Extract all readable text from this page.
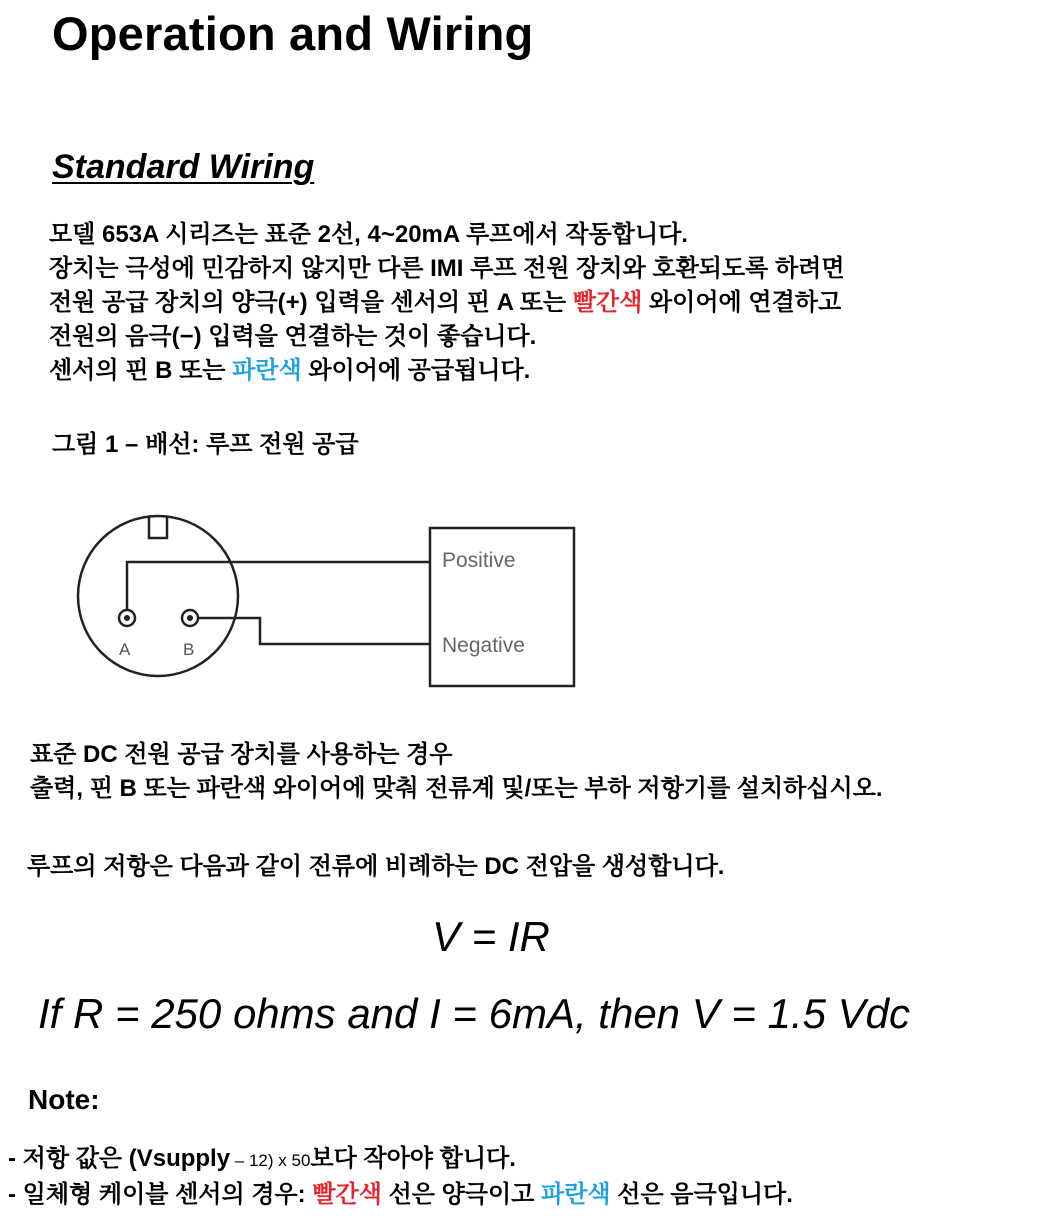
Operation and Wiring
Standard Wiring
모델 653A 시리즈는 표준 2선, 4~20mA 루프에서 작동합니다.
장치는 극성에 민감하지 않지만 다른 IMI 루프 전원 장치와 호환되도록 하려면
전원 공급 장치의 양극(+) 입력을 센서의 핀 A 또는 빨간색 와이어에 연결하고
전원의 음극(−) 입력을 연결하는 것이 좋습니다.
센서의 핀 B 또는 파란색 와이어에 공급됩니다.
그림 1 – 배선: 루프 전원 공급
A	B
Positive
Negative
표준 DC 전원 공급 장치를 사용하는 경우
출력, 핀 B 또는 파란색 와이어에 맞춰 전류계 및/또는 부하 저항기를 설치하십시오.
루프의 저항은 다음과 같이 전류에 비례하는 DC 전압을 생성합니다.
V = IR
If R = 250 ohms and I = 6mA, then V = 1.5 Vdc
Note:
- 저항 값은 (Vsupply – 12) x 50보다 작아야 합니다.
- 일체형 케이블 센서의 경우: 빨간색 선은 양극이고 파란색 선은 음극입니다.
